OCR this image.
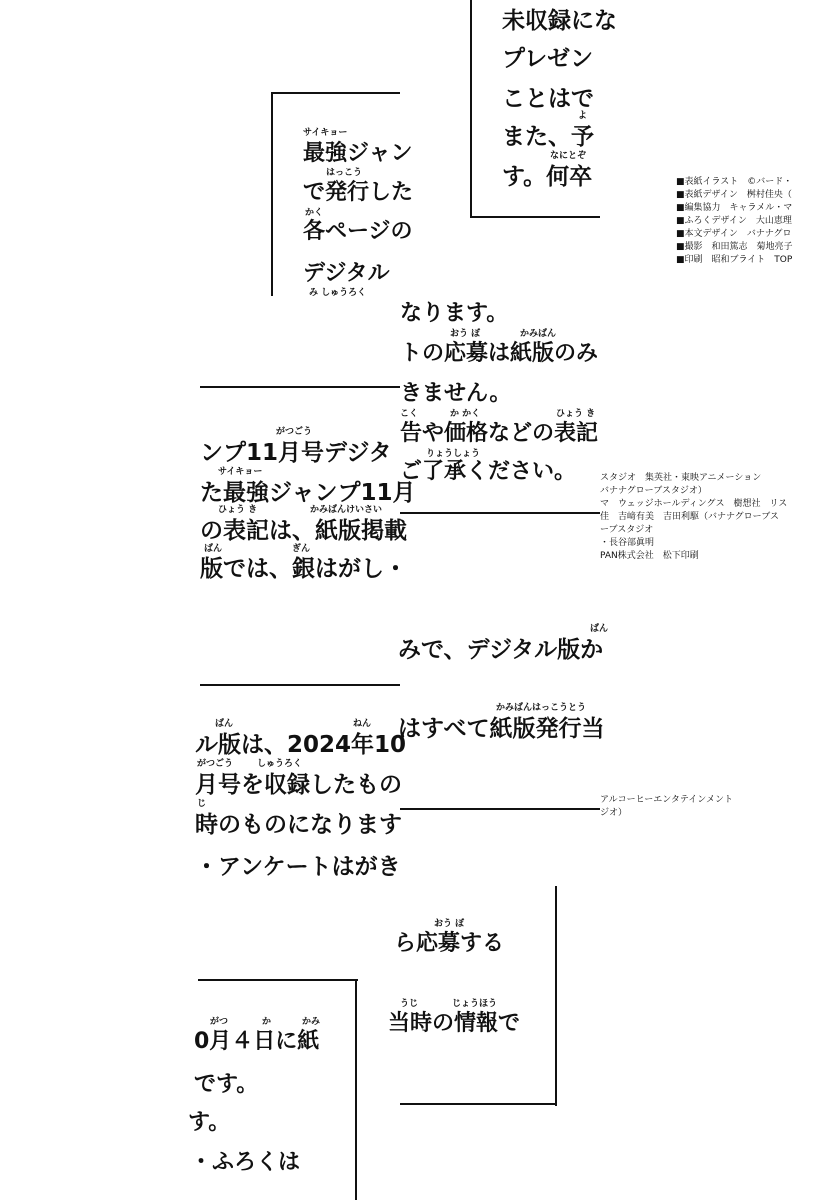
未収録にな
プレゼン
ことはで
よ
また、予
なにとぞ
す。何卒
サイキョー
最強ジャン
はっこう
で発行した
かく
各ページの
デジタル
み しゅうろく
■表紙イラスト　©バード・
■表紙デザイン　桝村佳央（
■編集協力　キャラメル・マ
■ふろくデザイン　大山恵理
■本文デザイン　バナナグロ
■撮影　和田篤志　菊地亮子
■印刷　昭和ブライト　TOP
なります。
おう ぼ	かみばん
トの応募は紙版のみ
きません。
こく	か かく	ひょう き
告や価格などの表記
りょうしょう
ご了承ください。
がつごう
ンプ11月号デジタ
サイキョー
た最強ジャンプ11月
ひょう き	かみばんけいさい
の表記は、紙版掲載
ばん	ぎん
版では、銀はがし・
スタジオ　集英社・東映アニメーション
バナナグローブスタジオ）
マ　ウェッジホールディングス　樹想社　リス
佳　吉﨑有美　吉田利駆（バナナグローブス
ーブスタジオ
・長谷部眞明
PAN株式会社　松下印刷
ばん
みで、デジタル版か
かみばんはっこうとう
はすべて紙版発行当
ばん	ねん
ル版は、2024年10
がつごう	しゅうろく
月号を収録したもの
じ
時のものになります
・アンケートはがき
アルコーヒーエンタテインメント
ジオ）
おう ぼ
ら応募する
うじ	じょうほう
当時の情報で
がつ	か	かみ
0月４日に紙
です。
す。
・ふろくは
